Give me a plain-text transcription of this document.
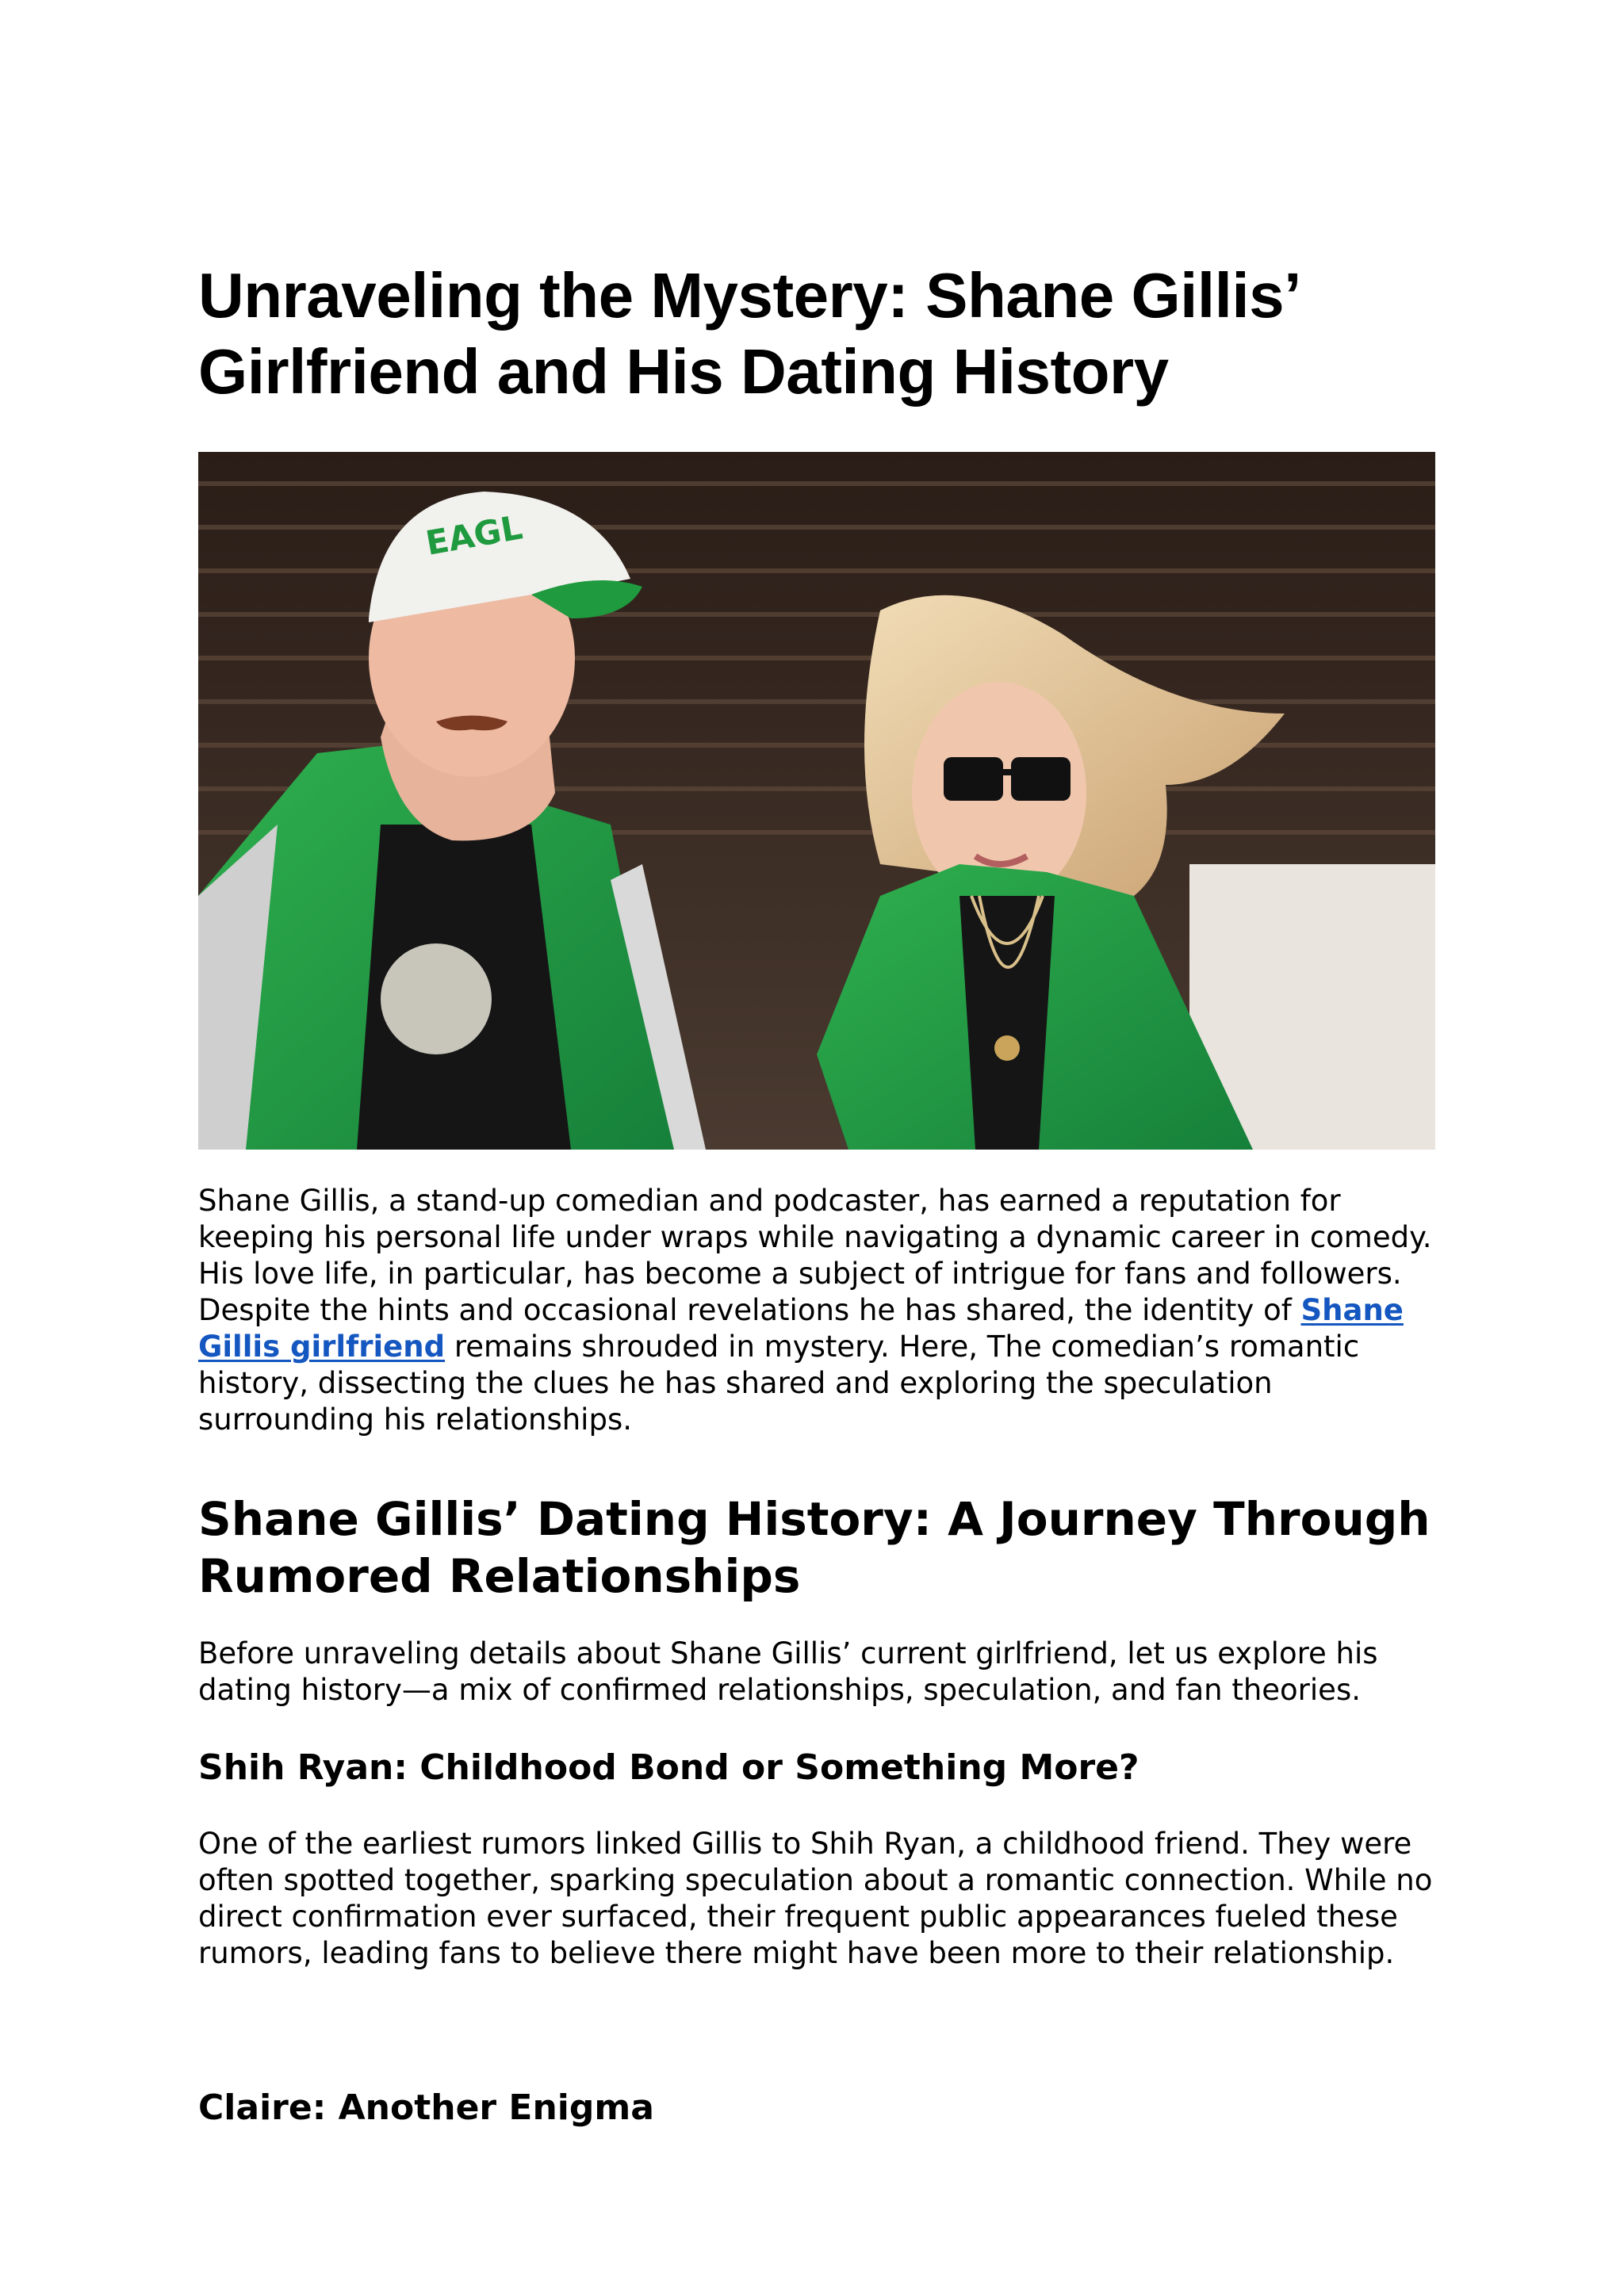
Unraveling the Mystery: Shane Gillis’ Girlfriend and His Dating History
EAGL

Shane Gillis, a stand-up comedian and podcaster, has earned a reputation for keeping his personal life under wraps while navigating a dynamic career in comedy. His love life, in particular, has become a subject of intrigue for fans and followers. Despite the hints and occasional revelations he has shared, the identity of Shane Gillis girlfriend remains shrouded in mystery. Here, The comedian’s romantic history, dissecting the clues he has shared and exploring the speculation surrounding his relationships.

Shane Gillis’ Dating History: A Journey Through Rumored Relationships

Before unraveling details about Shane Gillis’ current girlfriend, let us explore his dating history—a mix of confirmed relationships, speculation, and fan theories.

Shih Ryan: Childhood Bond or Something More?

One of the earliest rumors linked Gillis to Shih Ryan, a childhood friend. They were often spotted together, sparking speculation about a romantic connection. While no direct confirmation ever surfaced, their frequent public appearances fueled these rumors, leading fans to believe there might have been more to their relationship.

Claire: Another Enigma
